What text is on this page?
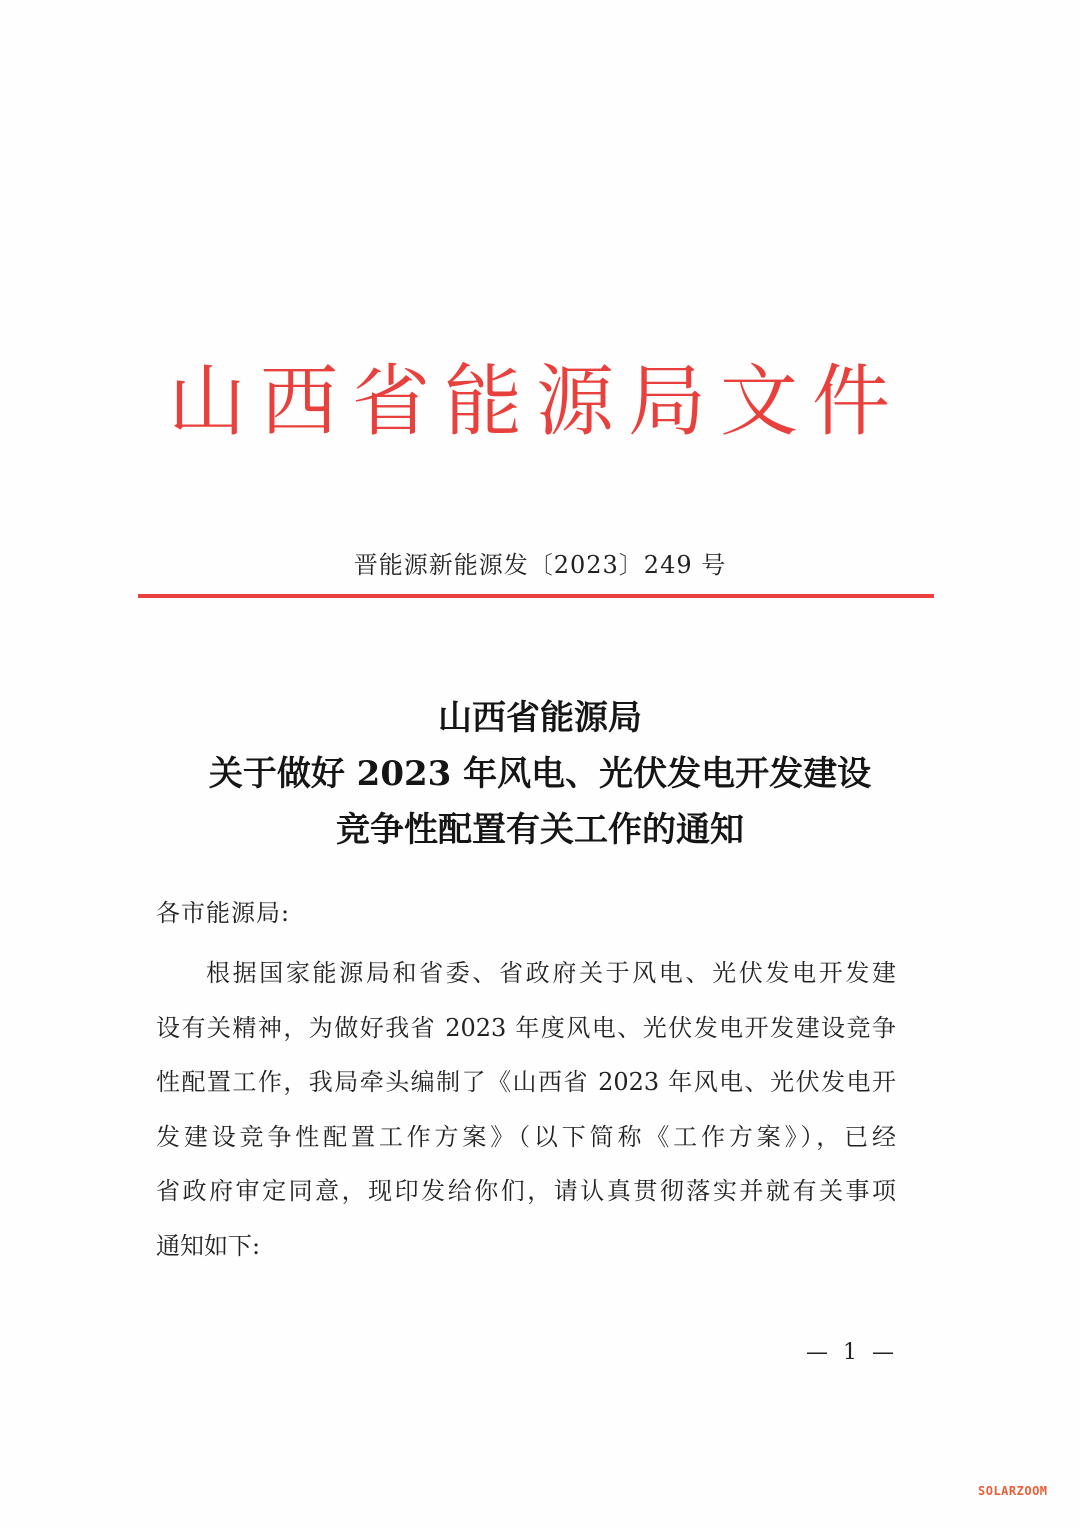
山西省能源局文件
晋能源新能源发〔2023〕249 号
山西省能源局
关于做好 2023 年风电、光伏发电开发建设
竞争性配置有关工作的通知
各市能源局:
根据国家能源局和省委、省政府关于风电、光伏发电开发建
设有关精神，为做好我省 2023 年度风电、光伏发电开发建设竞争
性配置工作，我局牵头编制了《山西省 2023 年风电、光伏发电开
发建设竞争性配置工作方案》（以下简称《工作方案》），已经
省政府审定同意，现印发给你们，请认真贯彻落实并就有关事项
通知如下:
— 1 —
SOLARZOOM
